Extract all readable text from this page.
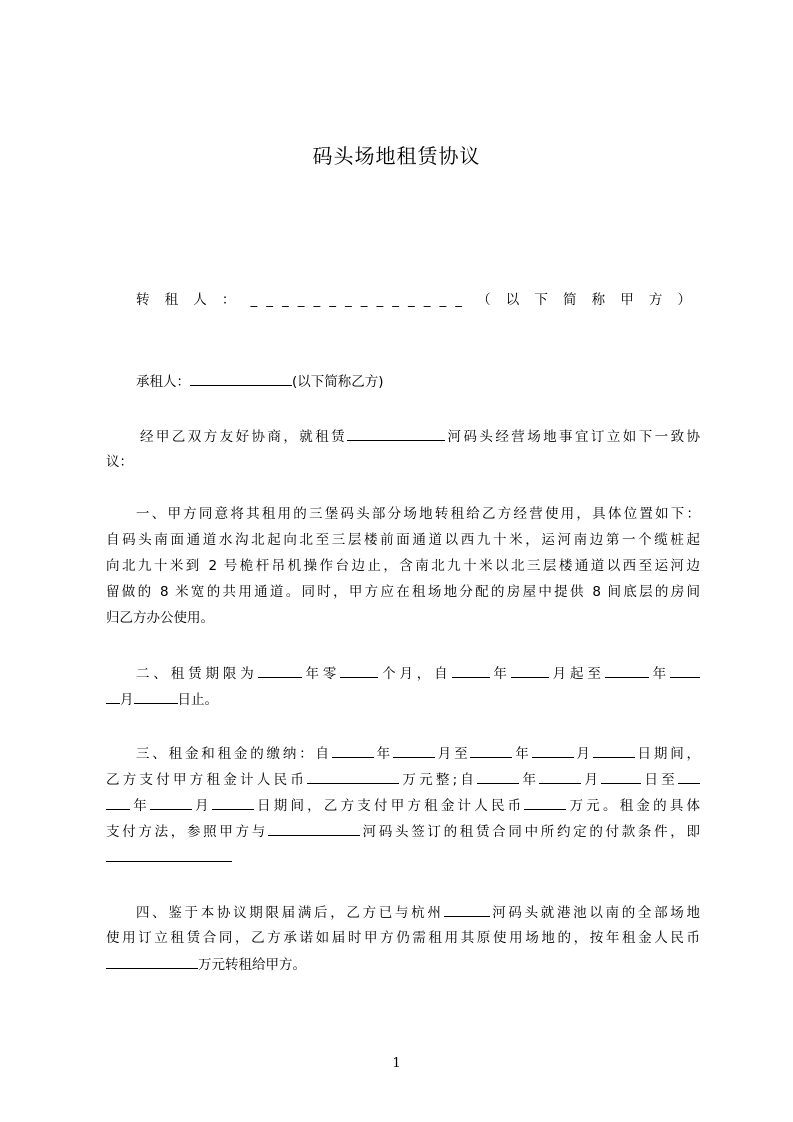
码头场地租赁协议
转租人：______________（以下简称甲方）
承租人：	(以下简称乙方)
经甲乙双方友好协商，就租赁	河码头经营场地事宜订立如下一致协
议：
一、甲方同意将其租用的三堡码头部分场地转租给乙方经营使用，具体位置如下：
自码头南面通道水沟北起向北至三层楼前面通道以西九十米，运河南边第一个缆桩起
向北九十米到 2 号桅杆吊机操作台边止，含南北九十米以北三层楼通道以西至运河边
留做的 8 米宽的共用通道。同时，甲方应在租场地分配的房屋中提供 8 间底层的房间
归乙方办公使用。
二、租赁期限为	年零	个月，自	年	月起至	年
月	日止。
三、租金和租金的缴纳：自	年	月至	年	月	日期间，
乙方支付甲方租金计人民币	万元整;自	年	月	日至
年	月	日期间，乙方支付甲方租金计人民币	万元。租金的具体
支付方法，参照甲方与	河码头签订的租赁合同中所约定的付款条件，即
四、鉴于本协议期限届满后，乙方已与杭州	河码头就港池以南的全部场地
使用订立租赁合同，乙方承诺如届时甲方仍需租用其原使用场地的，按年租金人民币
万元转租给甲方。
1
